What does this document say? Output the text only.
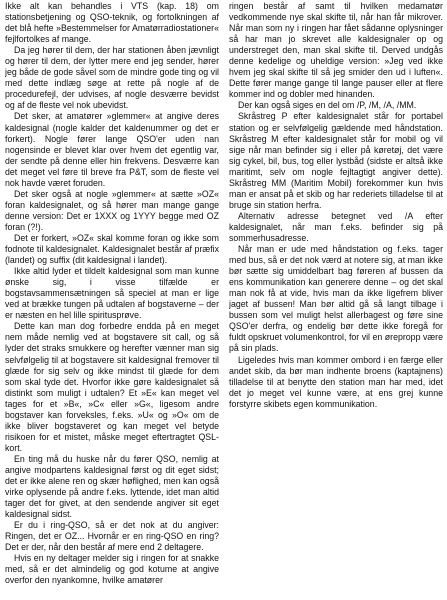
Ikke alt kan behandles i VTS (kap. 18) om stationsbetjening og QSO-teknik, og fortolkningen af det blå hefte »Bestemmelser for Amatørradiostationer« fejlfortolkes af mange.

Da jeg hører til dem, der har stationen åben jævnligt og hører til dem, der lytter mere end jeg sender, hører jeg både de gode såvel som de mindre gode ting og vil med dette indlæg søge at rette på nogle af de procedurefejl, der udvises, af nogle desværre bevidst og af de fleste vel nok ubevidst.

Det sker, at amatører »glemmer« at angive deres kaldesignal (nogle kalder det kaldenummer og det er forkert). Nogle fører lange QSO'er uden nan nogensinde er blevet klar over hvem det egentlig var, der sendte på denne eller hin frekvens. Desværre kan det meget vel føre til brevе fra P&T, som de fleste vel nok havde været foruden.

Det sker også at nogle »glemmer« at sætte »OZ« foran kaldesignalet, og så hører man mange gange denne version: Det er 1XXX og 1YYY begge med OZ foran (?!).

Det er forkert, »OZ« skal komme foran og ikke som fodnote til kaldesignalet. Kaldesignalet består af præfix (landet) og suffix (dit kaldesignal i landet).

Ikke altid lyder et tildelt kaldesignal som man kunne ønske sig, i visse tilfælde er bogstavsammensætningen så speciel at man er lige ved at brække tungen på udtalen af bogstaverne – der er næsten en hel lille spiritusprøve.

Dette kan man dog forbedre endda på en meget nem måde nemlig ved at bogstavere sit call, og så lyder det straks smukkere og herefter vænner man sig selvfølgelig til at bogstavere sit kaldesignal fremover til glæde for sig selv og ikke mindst til glæde for dem som skal tyde det. Hvorfor ikke gøre kaldesignalet så distinkt som muligt i udtalen? Et »E« kan meget vel tages for et »B«, »C« eller »G«, ligesom andre bogstaver kan forveksles, f.eks. »U« og »O« om de ikke bliver bogstaveret og kan meget vel betyde risikoen for et mistet, måske meget eftertragtet QSL-kort.

En ting må du huske når du fører QSO, nemlig at angive modpartens kaldesignal først og dit eget sidst; det er ikke alene ren og skær høflighed, men kan også virke oplysende på andre f.eks. lyttende, idet man altid tager det for givet, at den sendende angiver sit eget kaldesignal sidst.

Er du i ring-QSO, så er det nok at du angiver: Ringen, det er OZ... Hvornår er en ring-QSO en ring? Det er der, når den består af mere end 2 deltagere.

Hvis en ny deltager melder sig i ringen for at snakke med, så er det almindelig og god kotume at angive overfor den nyankomne, hvilke amatører

ringen består af samt til hvilken medamatør vedkommende nye skal skifte til, når han får mikrover. Når man som ny i ringen har fået sådanne oplysninger så har man jo skrevet alle kaldesignaler op og understreget den, man skal skifte til. Derved undgås denne kedelige og uheldige version: »Jeg ved ikke hvem jeg skal skifte til så jeg smider den ud i luften«. Dette fører mange gange til lange pauser eller at flere kommer ind og dobler med hinanden.

Der kan også siges en del om /P, /M, /A, /MM.

Skråstreg P efter kaldesignalet står for portabel station og er selvfølgelig gældende med håndstation. Skråstreg M efter kaldesignalet står for mobil og vil sige når man befinder sig i eller på køretøj, det være sig cykel, bil, bus, tog eller lystbåd (sidste er altså ikke maritimt, selv om nogle fejltagtigt angiver dette). Skråstreg MM (Maritim Mobil) forekommer kun hvis man er ansat på et skib og har rederiets tilladelse til at bruge sin station herfra.

Alternativ adresse betegnet ved /A efter kaldesignalet, når man f.eks. befinder sig på sommerhusadresse.

Når man er ude med håndstation og f.eks. tager med bus, så er det nok værd at notere sig, at man ikke bør sætte sig umiddelbart bag føreren af bussen da ens kommunikation kan generere denne – og det skal man nok få at vide, hvis man da ikke ligefrem bliver jaget af bussen! Man bør altid gå så langt tilbage i bussen som vel muligt helst allerbagest og føre sine QSO'er derfra, og endelig bør dette ikke foregå for fuldt opskruet volumenkontrol, for vil en ørepropp være på sin plads.

Ligeledes hvis man kommer ombord i en færge eller andet skib, da bør man indhente broens (kaptajnens) tilladelse til at benytte den station man har med, idet det jo meget vel kunne være, at ens grej kunne forstyrre skibets egen kommunikation.
